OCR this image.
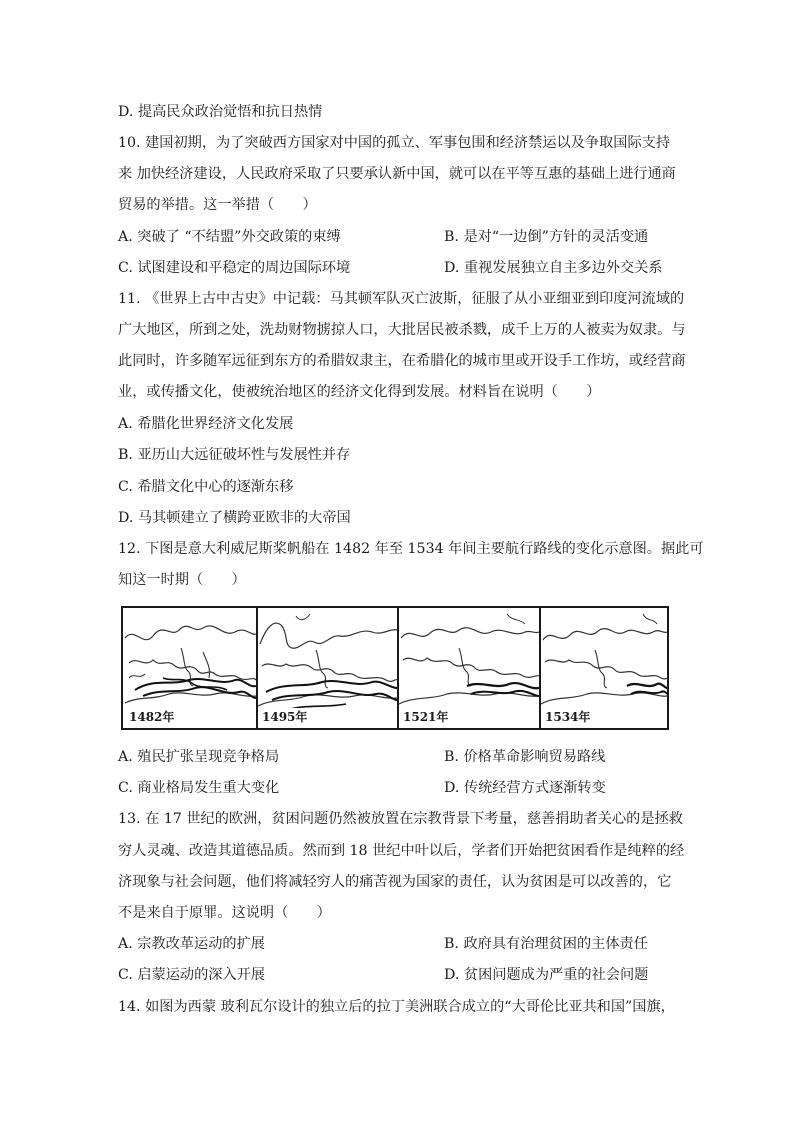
D. 提高民众政治觉悟和抗日热情
10. 建国初期，为了突破西方国家对中国的孤立、军事包围和经济禁运以及争取国际支持
来 加快经济建设，人民政府采取了只要承认新中国，就可以在平等互惠的基础上进行通商
贸易的举措。这一举措（　　）
A. 突破了 “不结盟”外交政策的束缚	B. 是对“一边倒”方针的灵活变通
C. 试图建设和平稳定的周边国际环境	D. 重视发展独立自主多边外交关系
11. 《世界上古中古史》中记载：马其顿军队灭亡波斯，征服了从小亚细亚到印度河流域的
广大地区，所到之处，洗劫财物掳掠人口，大批居民被杀戮，成千上万的人被卖为奴隶。与
此同时，许多随军远征到东方的希腊奴隶主，在希腊化的城市里或开设手工作坊，或经营商
业，或传播文化，使被统治地区的经济文化得到发展。材料旨在说明（　　）
A. 希腊化世界经济文化发展
B. 亚历山大远征破坏性与发展性并存
C. 希腊文化中心的逐渐东移
D. 马其顿建立了横跨亚欧非的大帝国
12. 下图是意大利威尼斯桨帆船在 1482 年至 1534 年间主要航行路线的变化示意图。据此可
知这一时期（　　）
1482年	1495年	1521年	1534年
A. 殖民扩张呈现竞争格局	B. 价格革命影响贸易路线
C. 商业格局发生重大变化	D. 传统经营方式逐渐转变
13. 在 17 世纪的欧洲，贫困问题仍然被放置在宗教背景下考量，慈善捐助者关心的是拯救
穷人灵魂、改造其道德品质。然而到 18 世纪中叶以后，学者们开始把贫困看作是纯粹的经
济现象与社会问题，他们将减轻穷人的痛苦视为国家的责任，认为贫困是可以改善的，它
不是来自于原罪。这说明（　　）
A. 宗教改革运动的扩展	B. 政府具有治理贫困的主体责任
C. 启蒙运动的深入开展	D. 贫困问题成为严重的社会问题
14. 如图为西蒙 玻利瓦尔设计的独立后的拉丁美洲联合成立的“大哥伦比亚共和国”国旗，
